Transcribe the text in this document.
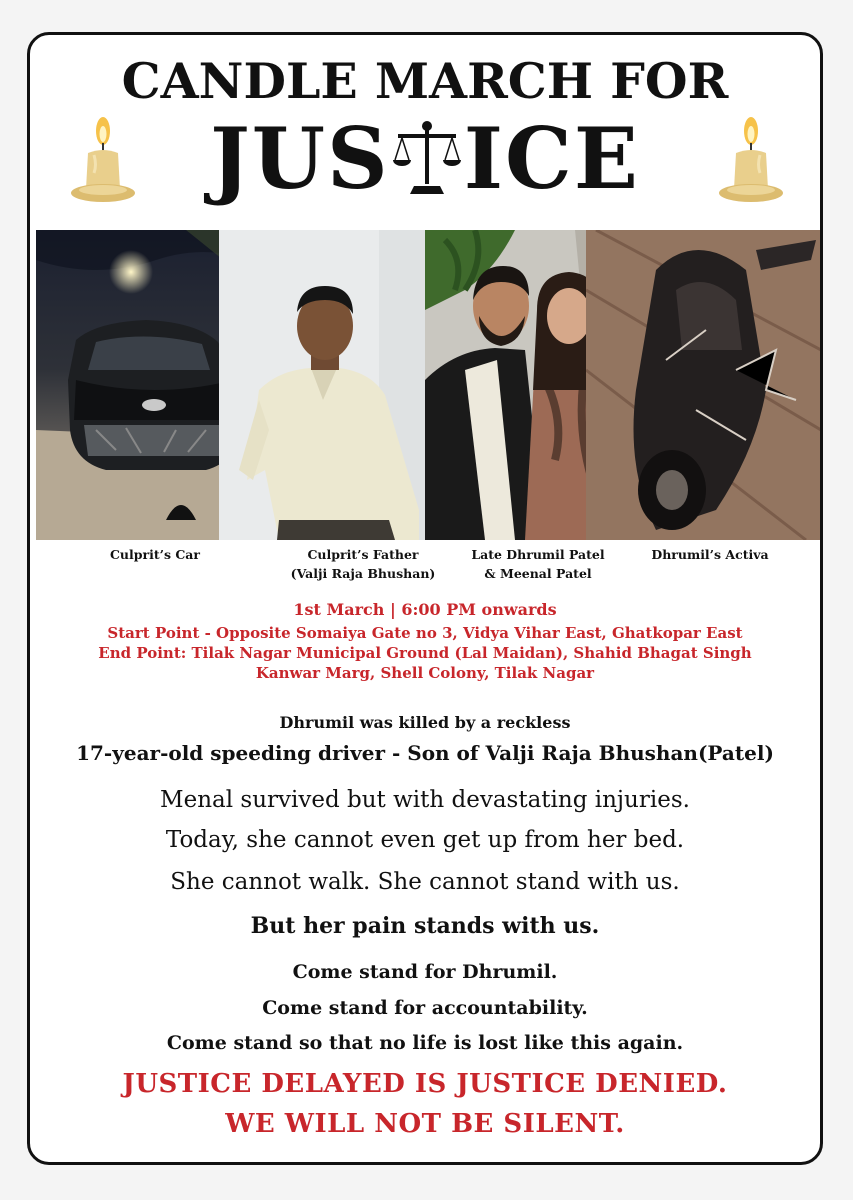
CANDLE MARCH FOR
JUS ICE
Culprit’s Car	Culprit’s Father
(Valji Raja Bhushan)
Late Dhrumil Patel
& Meenal Patel
Dhrumil’s Activa
1st March | 6:00 PM onwards
Start Point - Opposite Somaiya Gate no 3, Vidya Vihar East, Ghatkopar East
End Point: Tilak Nagar Municipal Ground (Lal Maidan), Shahid Bhagat Singh
Kanwar Marg, Shell Colony, Tilak Nagar
Dhrumil was killed by a reckless
17-year-old speeding driver - Son of Valji Raja Bhushan(Patel)
Menal survived but with devastating injuries.
Today, she cannot even get up from her bed.
She cannot walk. She cannot stand with us.
But her pain stands with us.
Come stand for Dhrumil.
Come stand for accountability.
Come stand so that no life is lost like this again.
JUSTICE DELAYED IS JUSTICE DENIED.
WE WILL NOT BE SILENT.
